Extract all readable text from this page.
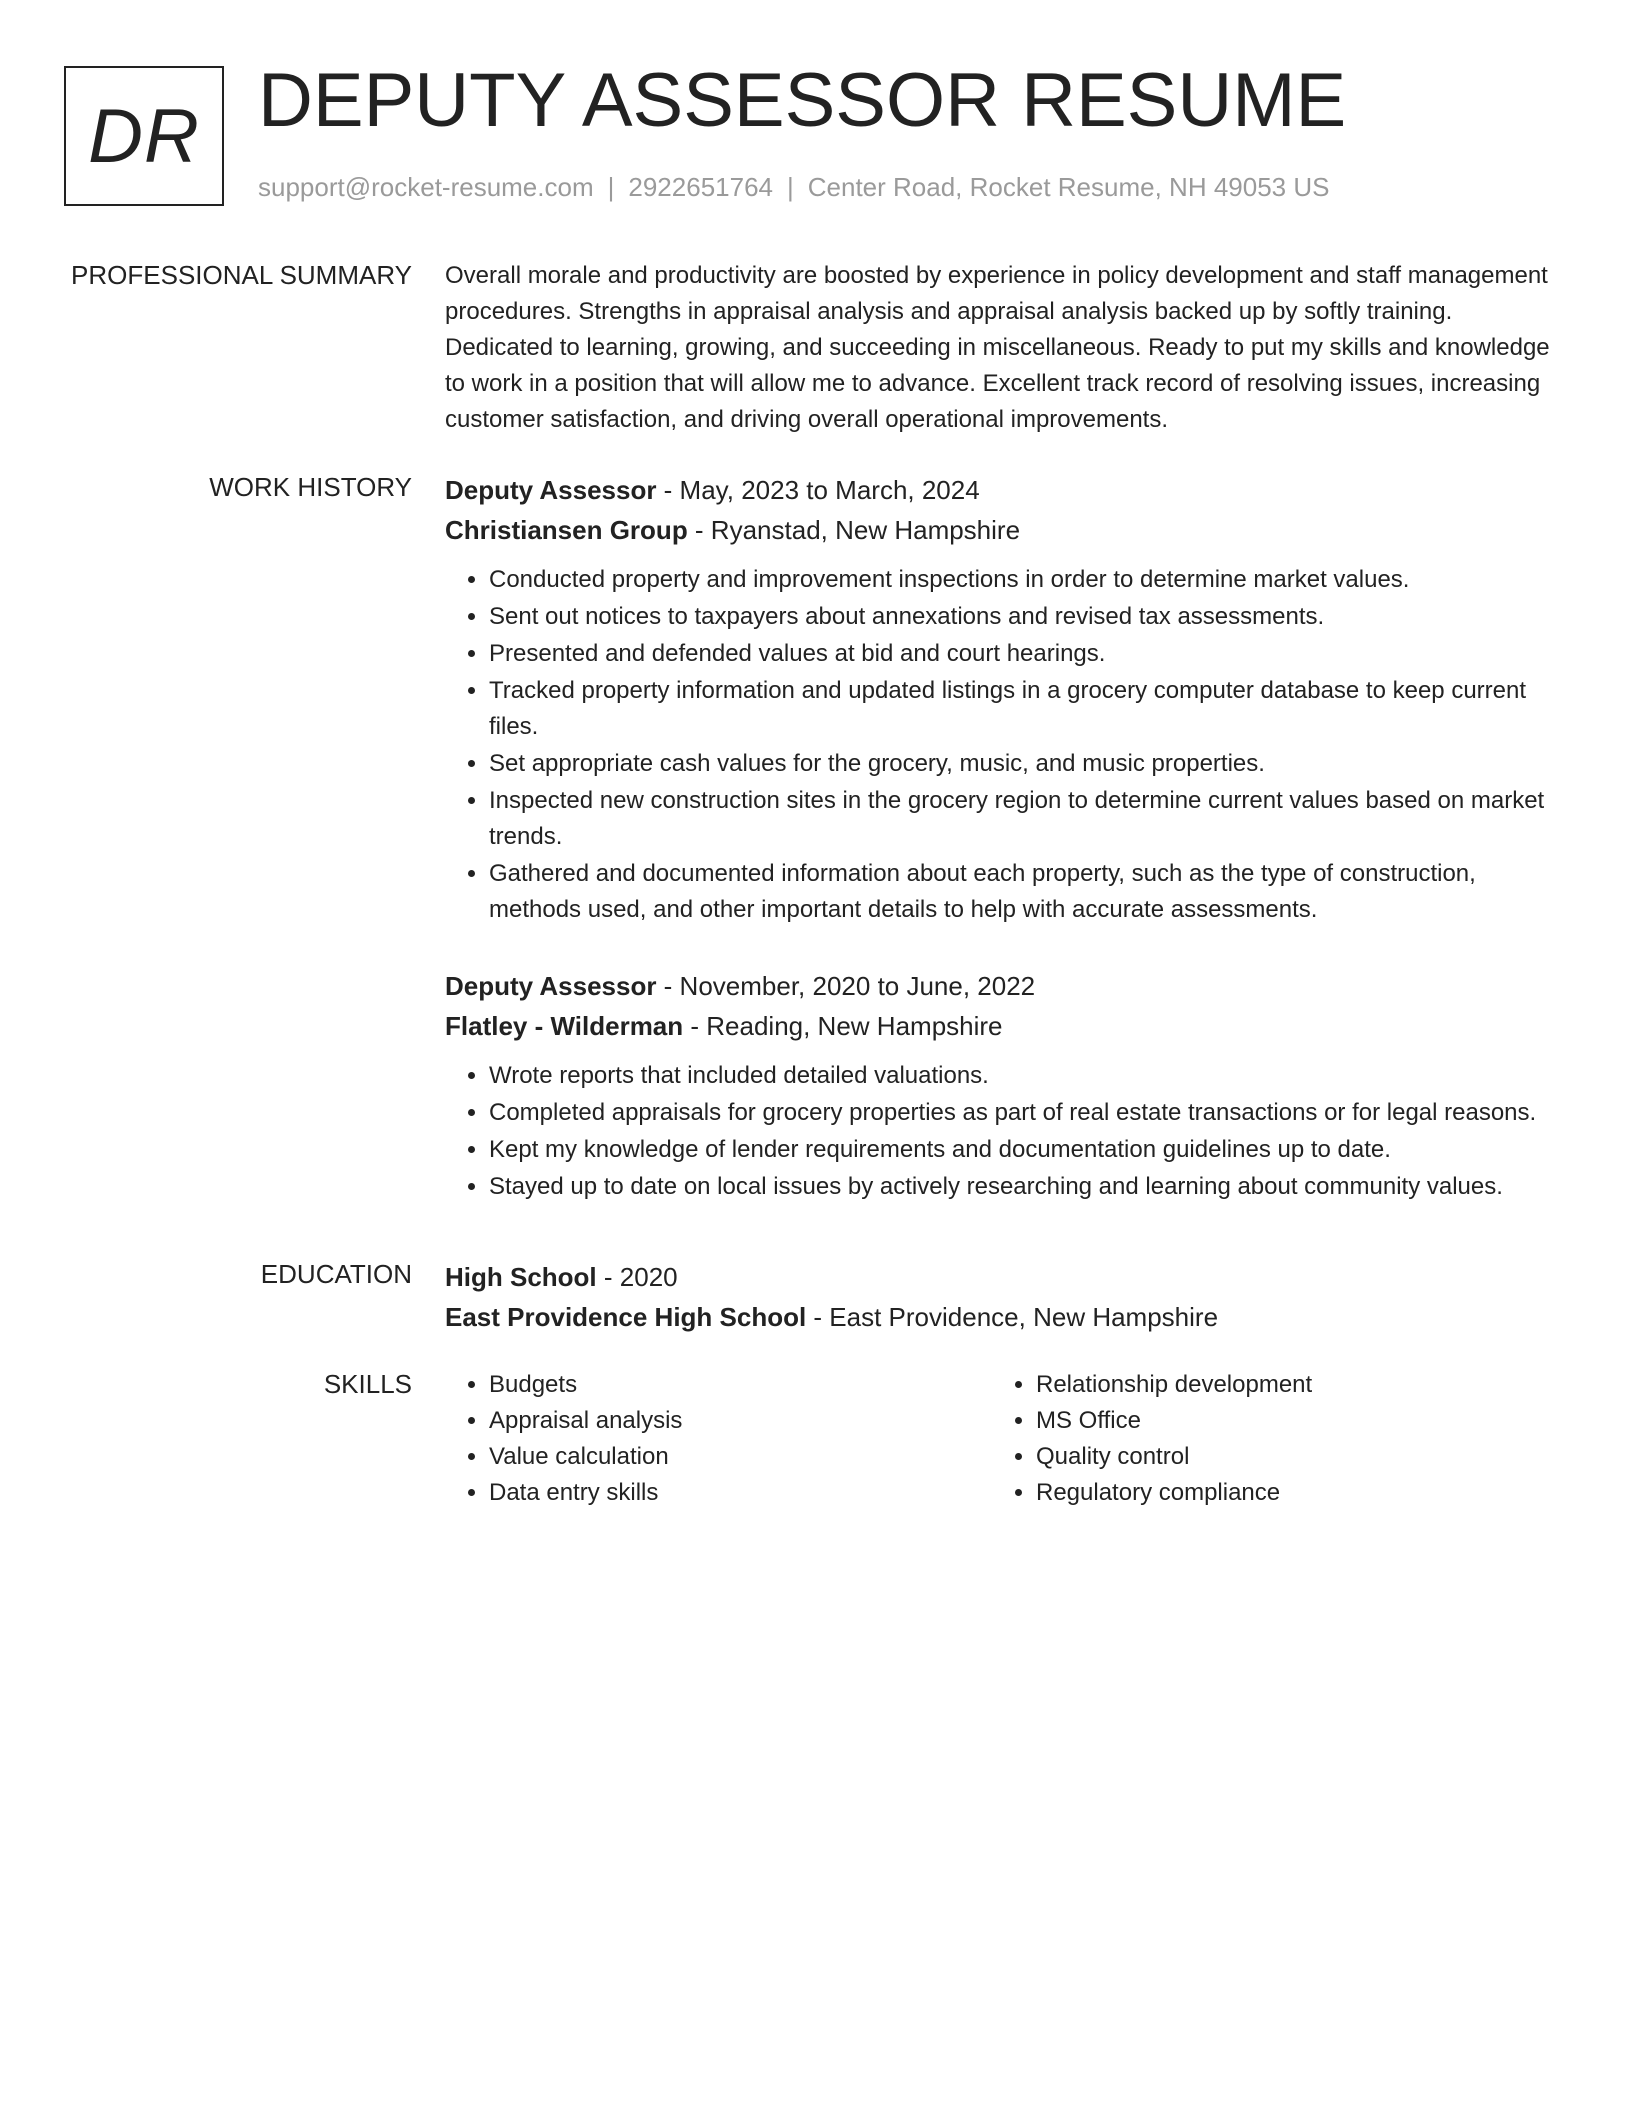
DR DEPUTY ASSESSOR RESUME
support@rocket-resume.com | 2922651764 | Center Road, Rocket Resume, NH 49053 US
PROFESSIONAL SUMMARY Overall morale and productivity are boosted by experience in policy development and staff management procedures. Strengths in appraisal analysis and appraisal analysis backed up by softly training. Dedicated to learning, growing, and succeeding in miscellaneous. Ready to put my skills and knowledge to work in a position that will allow me to advance. Excellent track record of resolving issues, increasing customer satisfaction, and driving overall operational improvements.

WORK HISTORY Deputy Assessor - May, 2023 to March, 2024
Christiansen Group - Ryanstad, New Hampshire
• Conducted property and improvement inspections in order to determine market values.
• Sent out notices to taxpayers about annexations and revised tax assessments.
• Presented and defended values at bid and court hearings.
• Tracked property information and updated listings in a grocery computer database to keep current files.
• Set appropriate cash values for the grocery, music, and music properties.
• Inspected new construction sites in the grocery region to determine current values based on market trends.
• Gathered and documented information about each property, such as the type of construction, methods used, and other important details to help with accurate assessments.
Deputy Assessor - November, 2020 to June, 2022
Flatley - Wilderman - Reading, New Hampshire
• Wrote reports that included detailed valuations.
• Completed appraisals for grocery properties as part of real estate transactions or for legal reasons.
• Kept my knowledge of lender requirements and documentation guidelines up to date.
• Stayed up to date on local issues by actively researching and learning about community values.
EDUCATION High School - 2020
East Providence High School - East Providence, New Hampshire
SKILLS
•	Budgets
• Appraisal analysis
• Value calculation
• Data entry skills
• Relationship development
• MS Office
• Quality control
• Regulatory compliance
